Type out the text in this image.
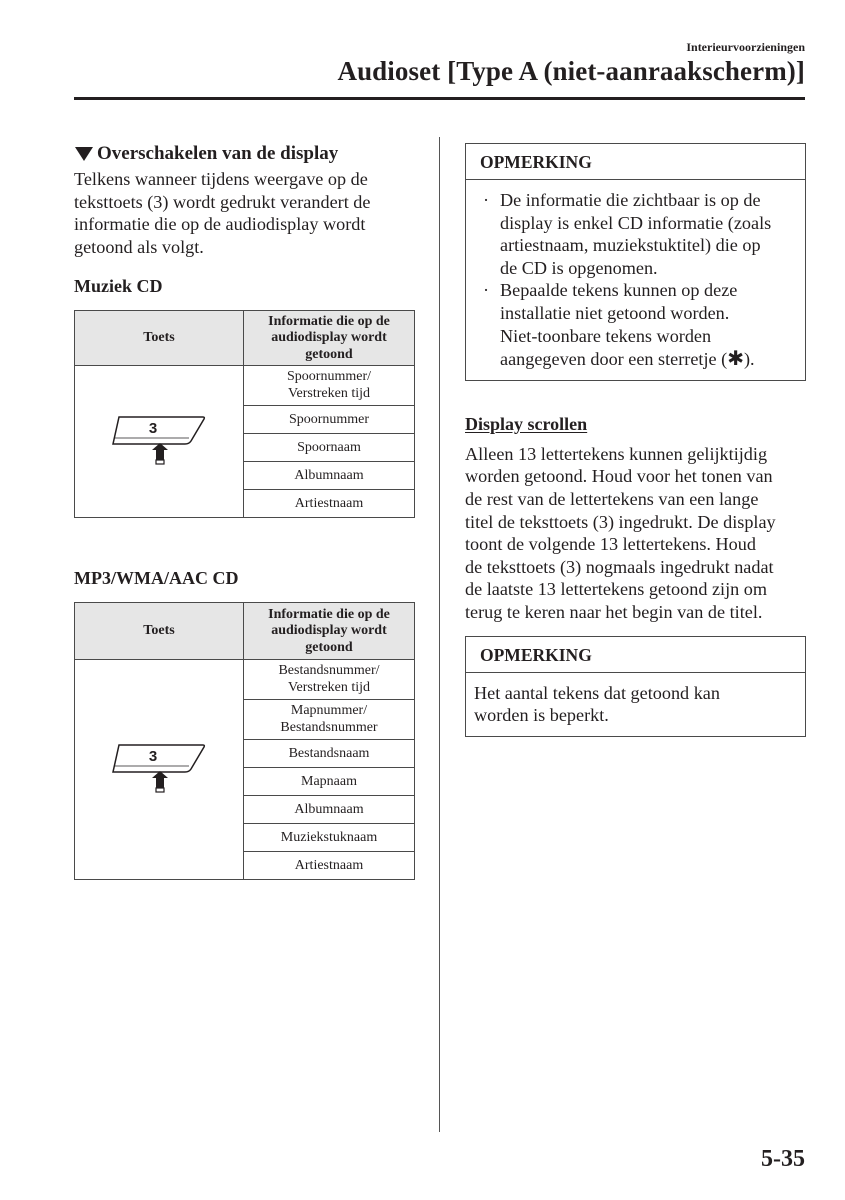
Interieurvoorzieningen
Audioset [Type A (niet-aanraakscherm)]
Overschakelen van de display

Telkens wanneer tijdens weergave op de
teksttoets (3) wordt gedrukt verandert de
informatie die op de audiodisplay wordt
getoond als volgt.

Muziek CD
Toets	Informatie die op de
audiodisplay wordt
getoond

3	Spoornummer/
Verstreken tijd
	Spoornummer
	Spoornaam
	Albumnaam
	Artiestnaam
MP3/WMA/AAC CD
Toets	Informatie die op de
audiodisplay wordt
getoond

3	Bestandsnummer/
Verstreken tijd
	Mapnummer/
Bestandsnummer
	Bestandsnaam
	Mapnaam
	Albumnaam
	Muziekstuknaam
	Artiestnaam
OPMERKING
· De informatie die zichtbaar is op de
display is enkel CD informatie (zoals
artiestnaam, muziekstuktitel) die op
de CD is opgenomen.
· Bepaalde tekens kunnen op deze
installatie niet getoond worden.
Niet-toonbare tekens worden
aangegeven door een sterretje (✱).
Display scrollen

Alleen 13 lettertekens kunnen gelijktijdig
worden getoond. Houd voor het tonen van
de rest van de lettertekens van een lange
titel de teksttoets (3) ingedrukt. De display
toont de volgende 13 lettertekens. Houd
de teksttoets (3) nogmaals ingedrukt nadat
de laatste 13 lettertekens getoond zijn om
terug te keren naar het begin van de titel.

OPMERKING
Het aantal tekens dat getoond kan
worden is beperkt.
5-35
